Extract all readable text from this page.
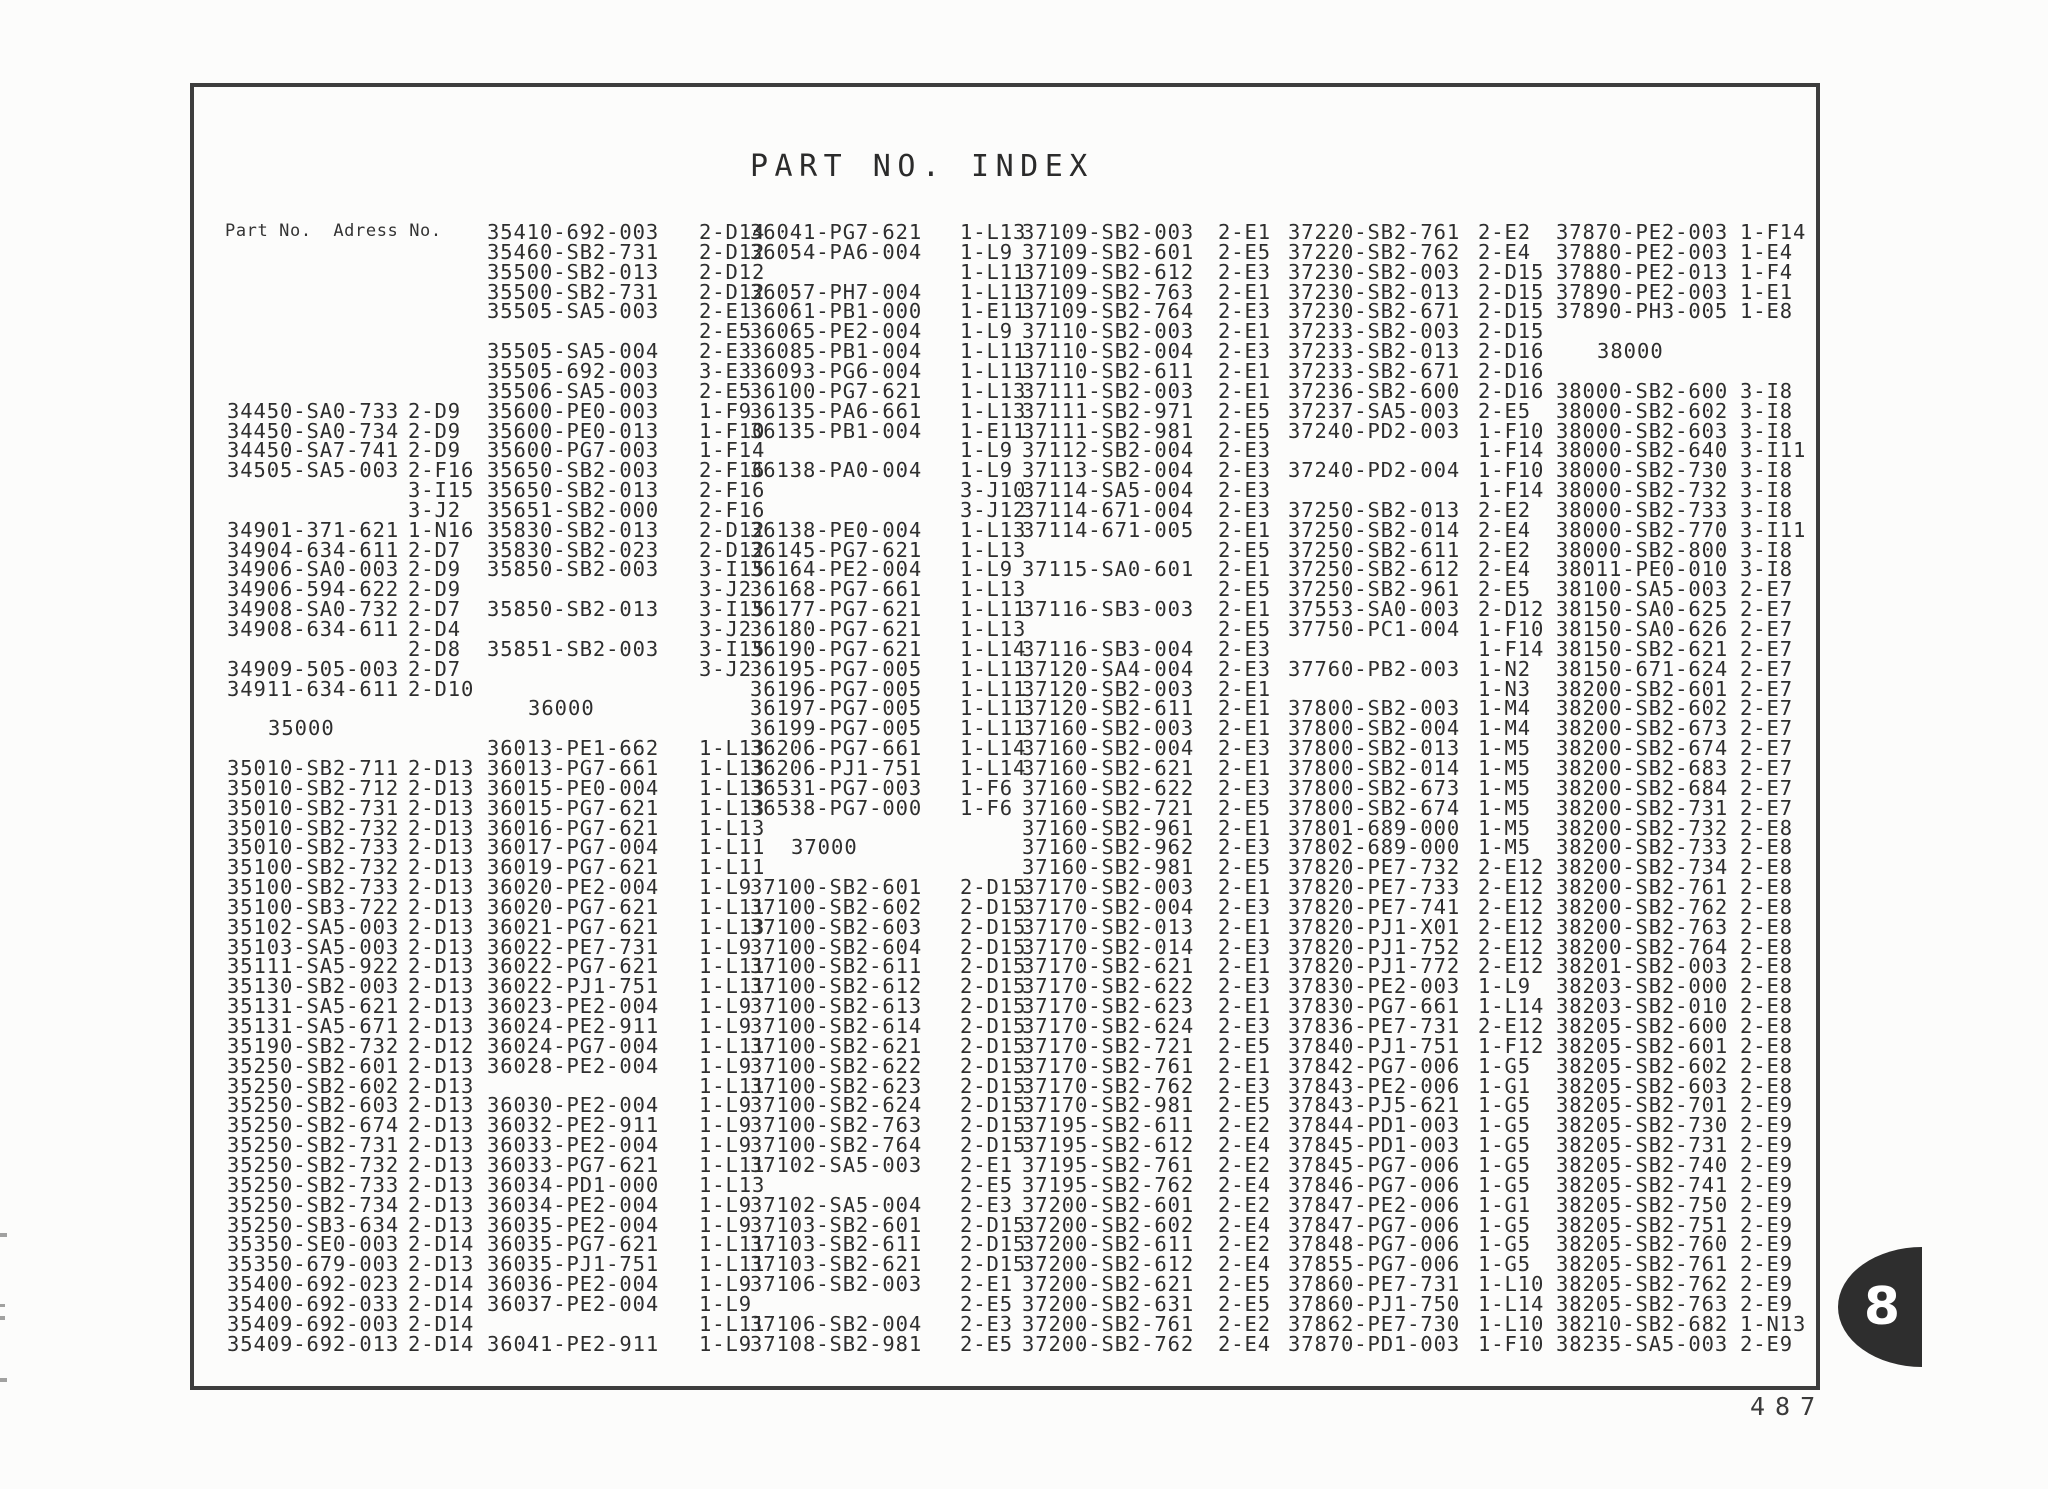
PART NO. INDEX
Part No.  Adress No.
34450-SA0-733 2-D9
34450-SA0-734 2-D9
34450-SA7-741 2-D9
34505-SA5-003 2-F16
3-I15
3-J2
34901-371-621 1-N16
34904-634-611 2-D7
34906-SA0-003 2-D9
34906-594-622 2-D9
34908-SA0-732 2-D7
34908-634-611 2-D4
2-D8
34909-505-003 2-D7
34911-634-611 2-D10
35000
35010-SB2-711 2-D13
35010-SB2-712 2-D13
35010-SB2-731 2-D13
35010-SB2-732 2-D13
35010-SB2-733 2-D13
35100-SB2-732 2-D13
35100-SB2-733 2-D13
35100-SB3-722 2-D13
35102-SA5-003 2-D13
35103-SA5-003 2-D13
35111-SA5-922 2-D13
35130-SB2-003 2-D13
35131-SA5-621 2-D13
35131-SA5-671 2-D13
35190-SB2-732 2-D12
35250-SB2-601 2-D13
35250-SB2-602 2-D13
35250-SB2-603 2-D13
35250-SB2-674 2-D13
35250-SB2-731 2-D13
35250-SB2-732 2-D13
35250-SB2-733 2-D13
35250-SB2-734 2-D13
35250-SB3-634 2-D13
35350-SE0-003 2-D14
35350-679-003 2-D13
35400-692-023 2-D14
35400-692-033 2-D14
35409-692-003 2-D14
35409-692-013 2-D14
35410-692-003 2-D14
35460-SB2-731 2-D12
35500-SB2-013 2-D12
35500-SB2-731 2-D12
35505-SA5-003 2-E1
2-E5
35505-SA5-004 2-E3
35505-692-003 3-E3
35506-SA5-003 2-E5
35600-PE0-003 1-F9
35600-PE0-013 1-F10
35600-PG7-003 1-F14
35650-SB2-003 2-F16
35650-SB2-013 2-F16
35651-SB2-000 2-F16
35830-SB2-013 2-D12
35830-SB2-023 2-D12
35850-SB2-003 3-I15
3-J2
35850-SB2-013 3-I15
3-J2
35851-SB2-003 3-I15
3-J2
36000
36013-PE1-662 1-L13
36013-PG7-661 1-L13
36015-PE0-004 1-L13
36015-PG7-621 1-L13
36016-PG7-621 1-L13
36017-PG7-004 1-L11
36019-PG7-621 1-L11
36020-PE2-004 1-L9
36020-PG7-621 1-L11
36021-PG7-621 1-L13
36022-PE7-731 1-L9
36022-PG7-621 1-L11
36022-PJ1-751 1-L11
36023-PE2-004 1-L9
36024-PE2-911 1-L9
36024-PG7-004 1-L11
36028-PE2-004 1-L9
1-L11
36030-PE2-004 1-L9
36032-PE2-911 1-L9
36033-PE2-004 1-L9
36033-PG7-621 1-L11
36034-PD1-000 1-L13
36034-PE2-004 1-L9
36035-PE2-004 1-L9
36035-PG7-621 1-L11
36035-PJ1-751 1-L11
36036-PE2-004 1-L9
36037-PE2-004 1-L9
1-L11
36041-PE2-911 1-L9
36041-PG7-621 1-L13
36054-PA6-004 1-L9
1-L11
36057-PH7-004 1-L11
36061-PB1-000 1-E11
36065-PE2-004 1-L9
36085-PB1-004 1-L11
36093-PG6-004 1-L11
36100-PG7-621 1-L13
36135-PA6-661 1-L13
36135-PB1-004 1-E11
1-L9
36138-PA0-004 1-L9
3-J10
3-J12
36138-PE0-004 1-L13
36145-PG7-621 1-L13
36164-PE2-004 1-L9
36168-PG7-661 1-L13
36177-PG7-621 1-L11
36180-PG7-621 1-L13
36190-PG7-621 1-L14
36195-PG7-005 1-L11
36196-PG7-005 1-L11
36197-PG7-005 1-L11
36199-PG7-005 1-L11
36206-PG7-661 1-L14
36206-PJ1-751 1-L14
36531-PG7-003 1-F6
36538-PG7-000 1-F6
37000
37100-SB2-601 2-D15
37100-SB2-602 2-D15
37100-SB2-603 2-D15
37100-SB2-604 2-D15
37100-SB2-611 2-D15
37100-SB2-612 2-D15
37100-SB2-613 2-D15
37100-SB2-614 2-D15
37100-SB2-621 2-D15
37100-SB2-622 2-D15
37100-SB2-623 2-D15
37100-SB2-624 2-D15
37100-SB2-763 2-D15
37100-SB2-764 2-D15
37102-SA5-003 2-E1
2-E5
37102-SA5-004 2-E3
37103-SB2-601 2-D15
37103-SB2-611 2-D15
37103-SB2-621 2-D15
37106-SB2-003 2-E1
2-E5
37106-SB2-004 2-E3
37108-SB2-981 2-E5
37109-SB2-003 2-E1
37109-SB2-601 2-E5
37109-SB2-612 2-E3
37109-SB2-763 2-E1
37109-SB2-764 2-E3
37110-SB2-003 2-E1
37110-SB2-004 2-E3
37110-SB2-611 2-E1
37111-SB2-003 2-E1
37111-SB2-971 2-E5
37111-SB2-981 2-E5
37112-SB2-004 2-E3
37113-SB2-004 2-E3
37114-SA5-004 2-E3
37114-671-004 2-E3
37114-671-005 2-E1
2-E5
37115-SA0-601 2-E1
2-E5
37116-SB3-003 2-E1
2-E5
37116-SB3-004 2-E3
37120-SA4-004 2-E3
37120-SB2-003 2-E1
37120-SB2-611 2-E1
37160-SB2-003 2-E1
37160-SB2-004 2-E3
37160-SB2-621 2-E1
37160-SB2-622 2-E3
37160-SB2-721 2-E5
37160-SB2-961 2-E1
37160-SB2-962 2-E3
37160-SB2-981 2-E5
37170-SB2-003 2-E1
37170-SB2-004 2-E3
37170-SB2-013 2-E1
37170-SB2-014 2-E3
37170-SB2-621 2-E1
37170-SB2-622 2-E3
37170-SB2-623 2-E1
37170-SB2-624 2-E3
37170-SB2-721 2-E5
37170-SB2-761 2-E1
37170-SB2-762 2-E3
37170-SB2-981 2-E5
37195-SB2-611 2-E2
37195-SB2-612 2-E4
37195-SB2-761 2-E2
37195-SB2-762 2-E4
37200-SB2-601 2-E2
37200-SB2-602 2-E4
37200-SB2-611 2-E2
37200-SB2-612 2-E4
37200-SB2-621 2-E5
37200-SB2-631 2-E5
37200-SB2-761 2-E2
37200-SB2-762 2-E4
37220-SB2-761 2-E2
37220-SB2-762 2-E4
37230-SB2-003 2-D15
37230-SB2-013 2-D15
37230-SB2-671 2-D15
37233-SB2-003 2-D15
37233-SB2-013 2-D16
37233-SB2-671 2-D16
37236-SB2-600 2-D16
37237-SA5-003 2-E5
37240-PD2-003 1-F10
1-F14
37240-PD2-004 1-F10
1-F14
37250-SB2-013 2-E2
37250-SB2-014 2-E4
37250-SB2-611 2-E2
37250-SB2-612 2-E4
37250-SB2-961 2-E5
37553-SA0-003 2-D12
37750-PC1-004 1-F10
1-F14
37760-PB2-003 1-N2
1-N3
37800-SB2-003 1-M4
37800-SB2-004 1-M4
37800-SB2-013 1-M5
37800-SB2-014 1-M5
37800-SB2-673 1-M5
37800-SB2-674 1-M5
37801-689-000 1-M5
37802-689-000 1-M5
37820-PE7-732 2-E12
37820-PE7-733 2-E12
37820-PE7-741 2-E12
37820-PJ1-X01 2-E12
37820-PJ1-752 2-E12
37820-PJ1-772 2-E12
37830-PE2-003 1-L9
37830-PG7-661 1-L14
37836-PE7-731 2-E12
37840-PJ1-751 1-F12
37842-PG7-006 1-G5
37843-PE2-006 1-G1
37843-PJ5-621 1-G5
37844-PD1-003 1-G5
37845-PD1-003 1-G5
37845-PG7-006 1-G5
37846-PG7-006 1-G5
37847-PE2-006 1-G1
37847-PG7-006 1-G5
37848-PG7-006 1-G5
37855-PG7-006 1-G5
37860-PE7-731 1-L10
37860-PJ1-750 1-L14
37862-PE7-730 1-L10
37870-PD1-003 1-F10
37870-PE2-003 1-F14
37880-PE2-003 1-E4
37880-PE2-013 1-F4
37890-PE2-003 1-E1
37890-PH3-005 1-E8
38000
38000-SB2-600 3-I8
38000-SB2-602 3-I8
38000-SB2-603 3-I8
38000-SB2-640 3-I11
38000-SB2-730 3-I8
38000-SB2-732 3-I8
38000-SB2-733 3-I8
38000-SB2-770 3-I11
38000-SB2-800 3-I8
38011-PE0-010 3-I8
38100-SA5-003 2-E7
38150-SA0-625 2-E7
38150-SA0-626 2-E7
38150-SB2-621 2-E7
38150-671-624 2-E7
38200-SB2-601 2-E7
38200-SB2-602 2-E7
38200-SB2-673 2-E7
38200-SB2-674 2-E7
38200-SB2-683 2-E7
38200-SB2-684 2-E7
38200-SB2-731 2-E7
38200-SB2-732 2-E8
38200-SB2-733 2-E8
38200-SB2-734 2-E8
38200-SB2-761 2-E8
38200-SB2-762 2-E8
38200-SB2-763 2-E8
38200-SB2-764 2-E8
38201-SB2-003 2-E8
38203-SB2-000 2-E8
38203-SB2-010 2-E8
38205-SB2-600 2-E8
38205-SB2-601 2-E8
38205-SB2-602 2-E8
38205-SB2-603 2-E8
38205-SB2-701 2-E9
38205-SB2-730 2-E9
38205-SB2-731 2-E9
38205-SB2-740 2-E9
38205-SB2-741 2-E9
38205-SB2-750 2-E9
38205-SB2-751 2-E9
38205-SB2-760 2-E9
38205-SB2-761 2-E9
38205-SB2-762 2-E9
38205-SB2-763 2-E9
38210-SB2-682 1-N13
38235-SA5-003 2-E9
487
8
